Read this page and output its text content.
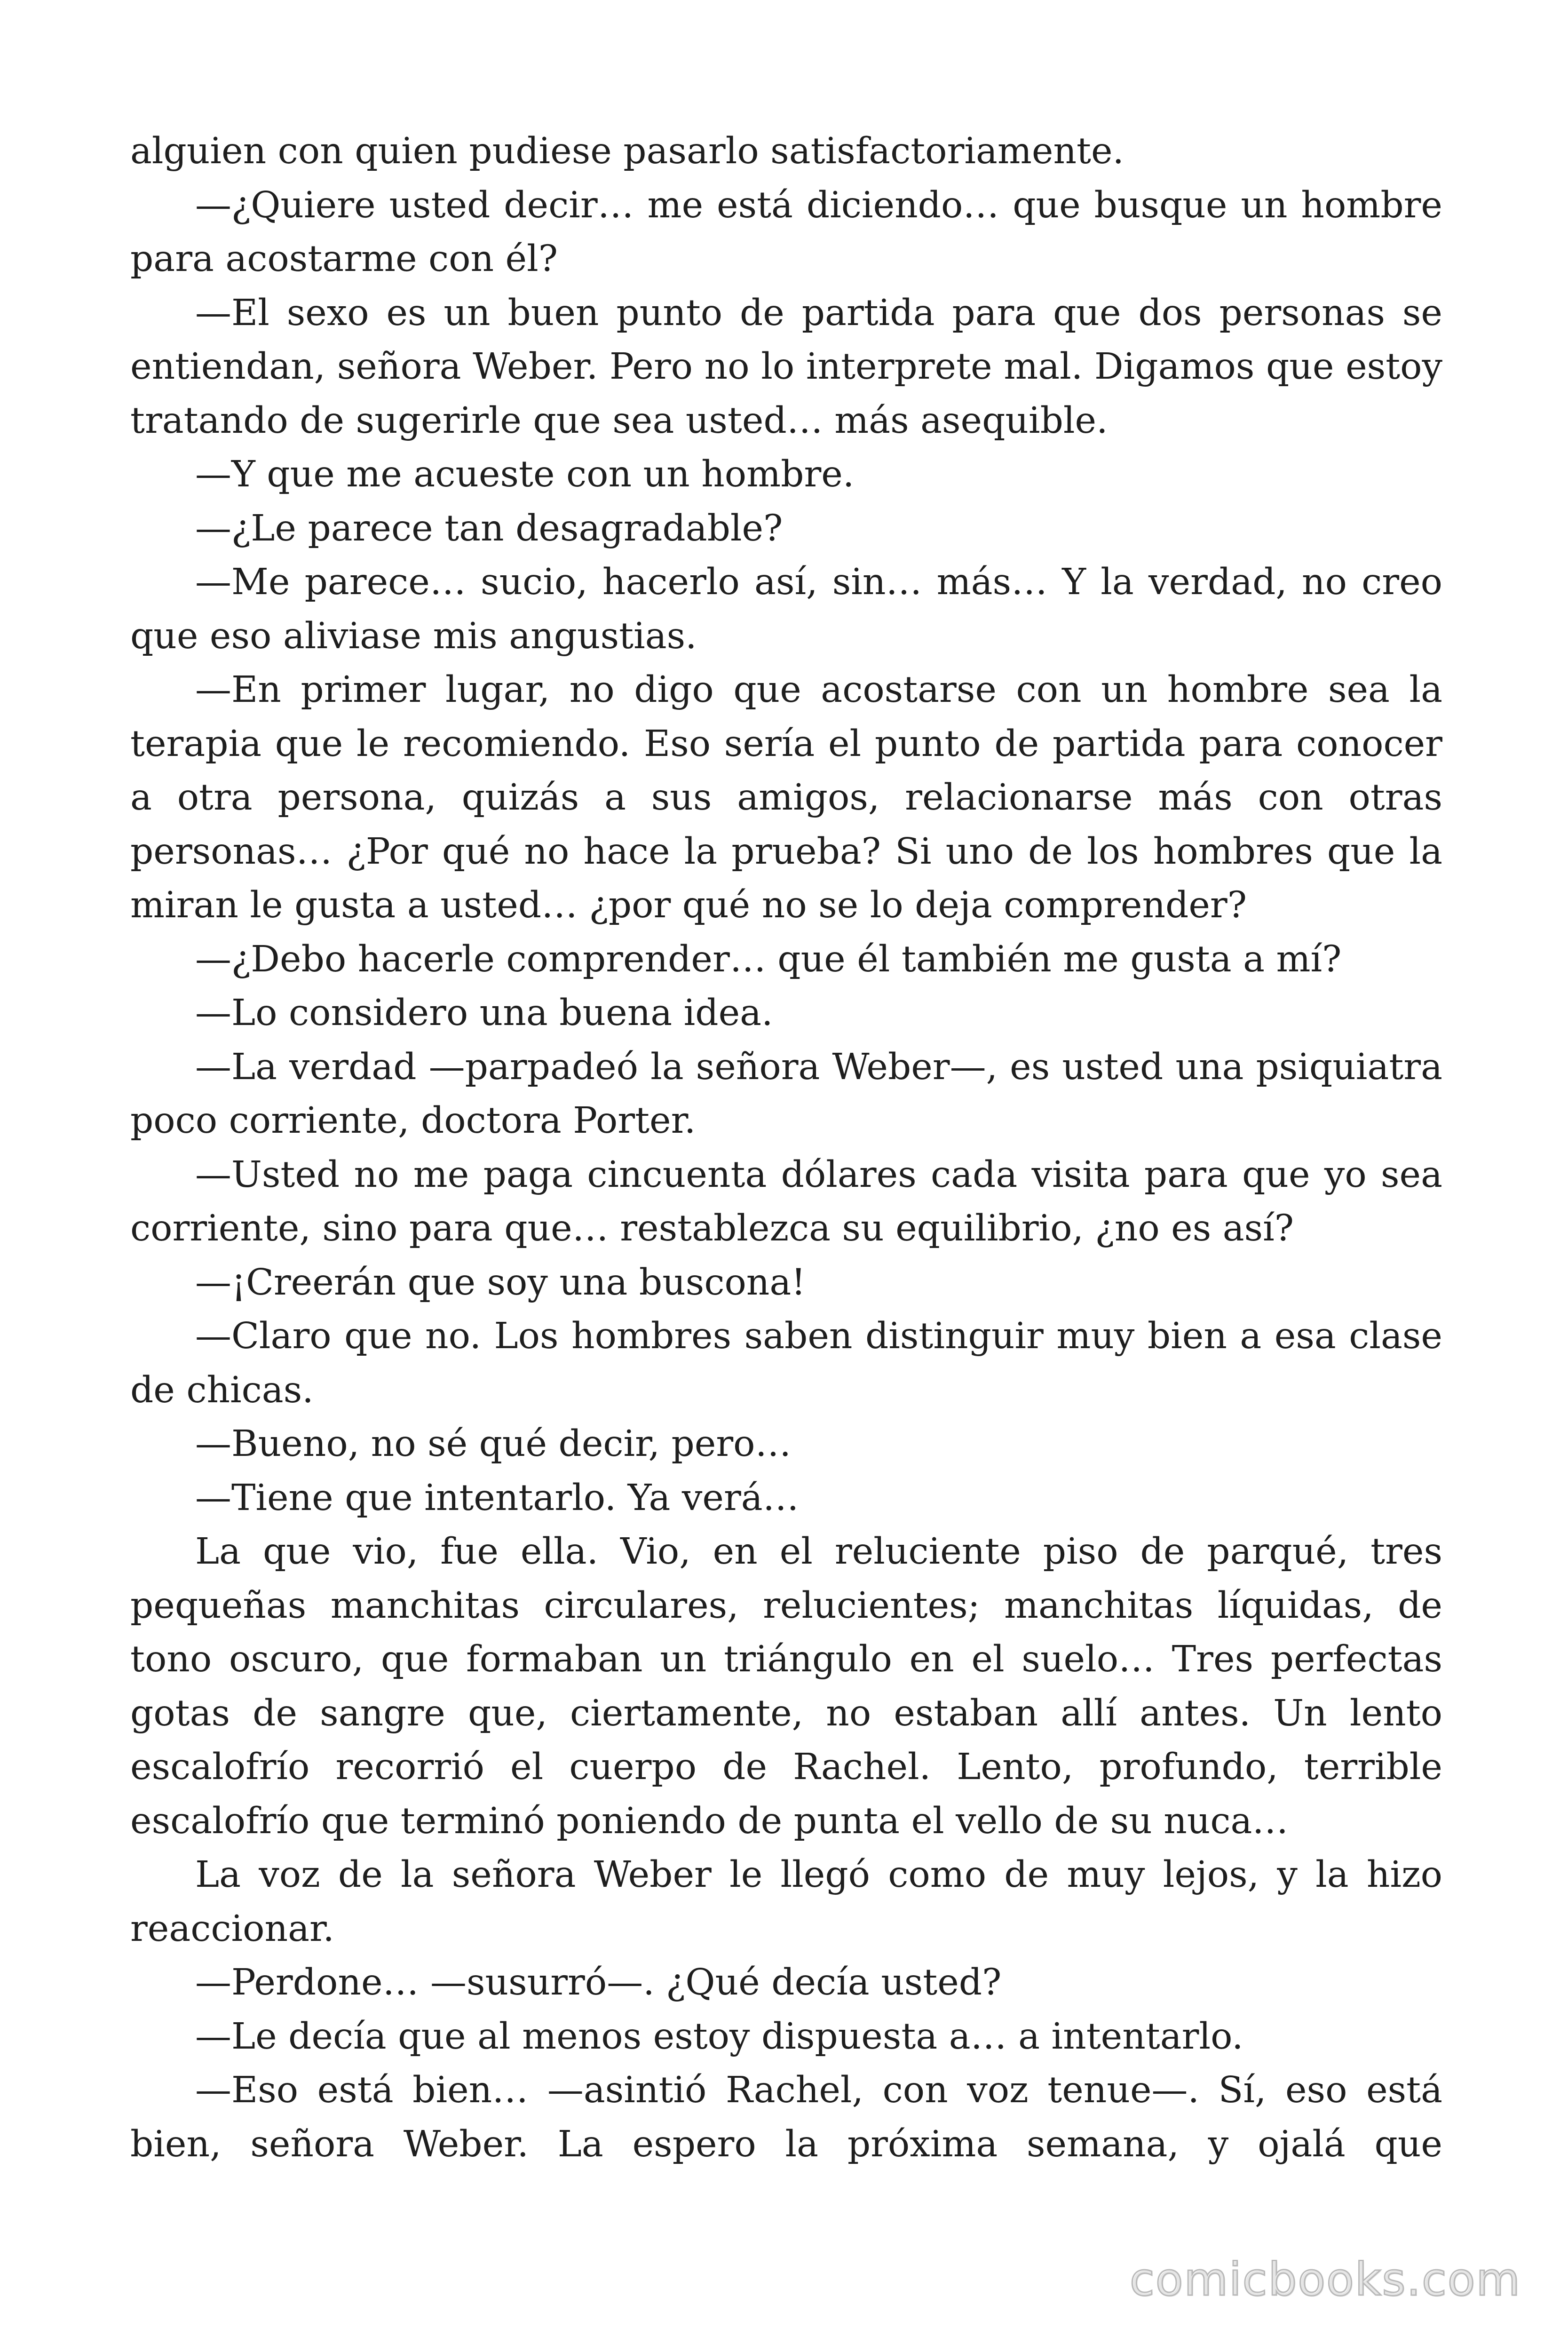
alguien con quien pudiese pasarlo satisfactoriamente.

—¿Quiere usted decir… me está diciendo… que busque un hombre para acostarme con él?

—El sexo es un buen punto de partida para que dos personas se entiendan, señora Weber. Pero no lo interprete mal. Digamos que estoy tratando de sugerirle que sea usted… más asequible.

—Y que me acueste con un hombre.

—¿Le parece tan desagradable?

—Me parece… sucio, hacerlo así, sin… más… Y la verdad, no creo que eso aliviase mis angustias.

—En primer lugar, no digo que acostarse con un hombre sea la terapia que le recomiendo. Eso sería el punto de partida para conocer a otra persona, quizás a sus amigos, relacionarse más con otras personas… ¿Por qué no hace la prueba? Si uno de los hombres que la miran le gusta a usted… ¿por qué no se lo deja comprender?

—¿Debo hacerle comprender… que él también me gusta a mí?

—Lo considero una buena idea.

—La verdad —parpadeó la señora Weber—, es usted una psiquiatra poco corriente, doctora Porter.

—Usted no me paga cincuenta dólares cada visita para que yo sea corriente, sino para que… restablezca su equilibrio, ¿no es así?

—¡Creerán que soy una buscona!

—Claro que no. Los hombres saben distinguir muy bien a esa clase de chicas.

—Bueno, no sé qué decir, pero…

—Tiene que intentarlo. Ya verá…

La que vio, fue ella. Vio, en el reluciente piso de parqué, tres pequeñas manchitas circulares, relucientes; manchitas líquidas, de tono oscuro, que formaban un triángulo en el suelo… Tres perfectas gotas de sangre que, ciertamente, no estaban allí antes. Un lento escalofrío recorrió el cuerpo de Rachel. Lento, profundo, terrible escalofrío que terminó poniendo de punta el vello de su nuca…

La voz de la señora Weber le llegó como de muy lejos, y la hizo reaccionar.

—Perdone… —susurró—. ¿Qué decía usted?

—Le decía que al menos estoy dispuesta a… a intentarlo.

—Eso está bien… —asintió Rachel, con voz tenue—. Sí, eso está bien, señora Weber. La espero la próxima semana, y ojalá que

comicbooks.com
